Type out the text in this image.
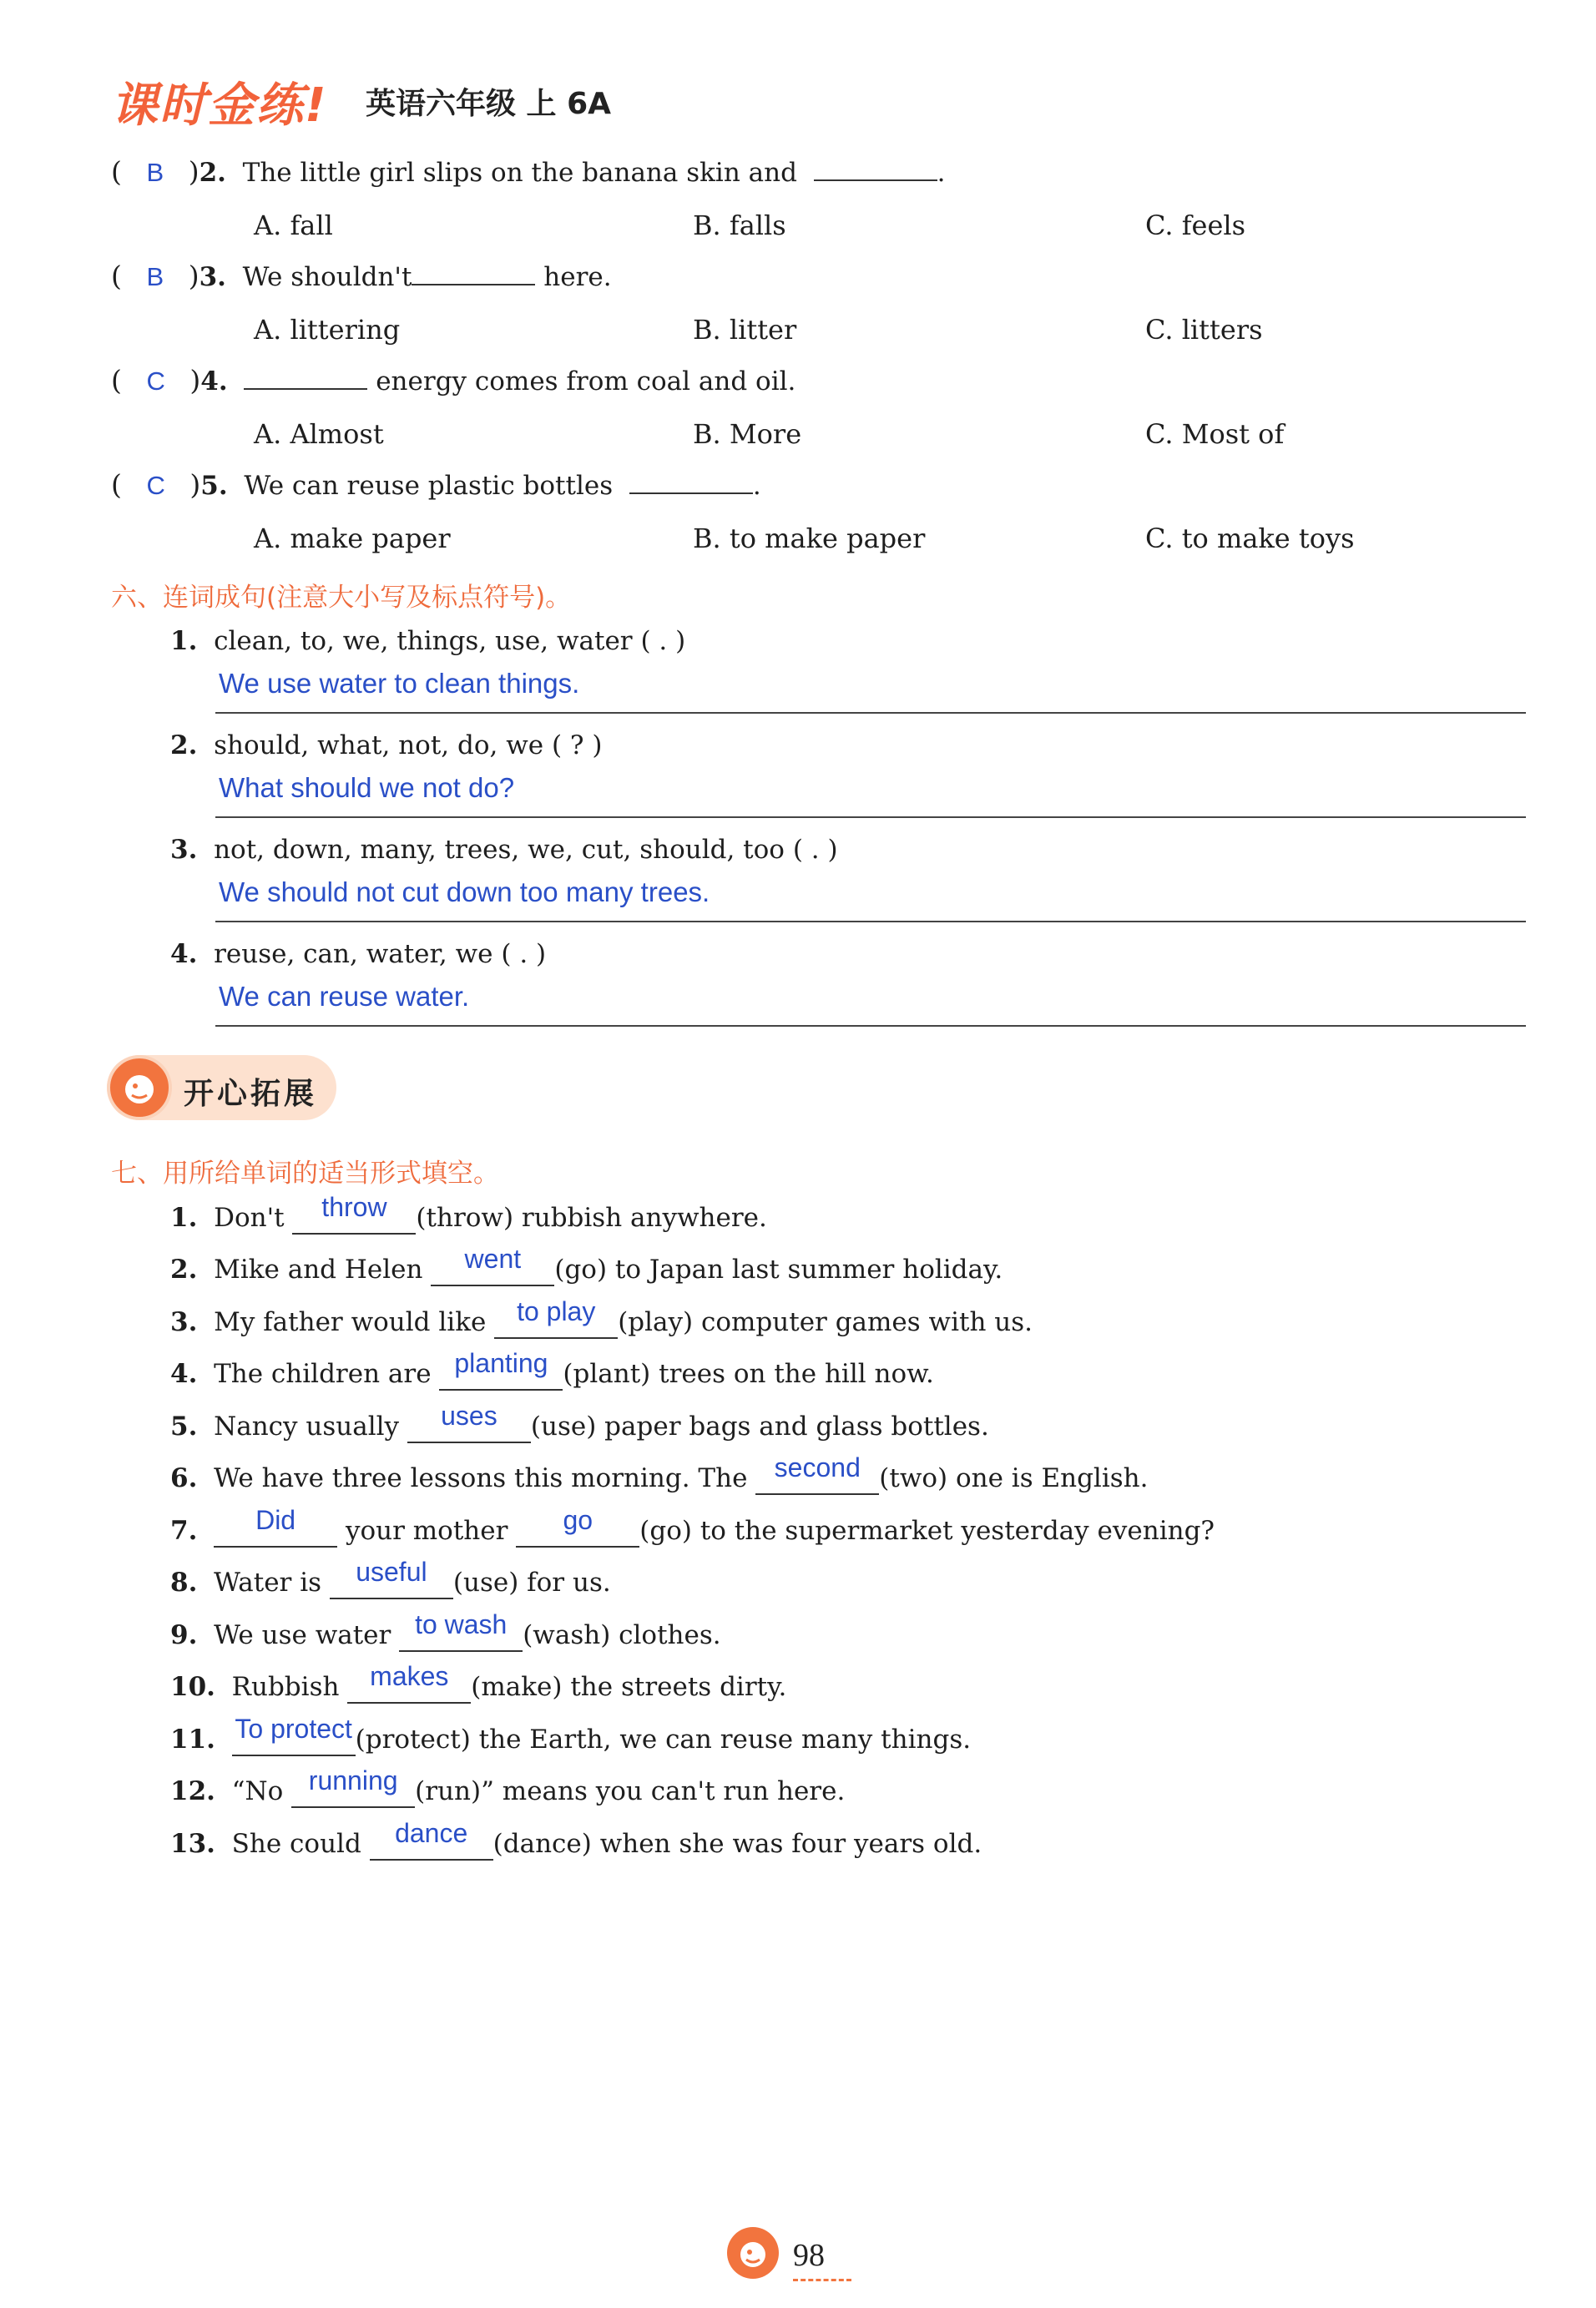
课时金练! 英语六年级 上 6A
( B )2. The little girl slips on the banana skin and	.
A. fall	B. falls	C. feels
( B )3. We shouldn't	here.
A. littering	B. litter	C. litters
( C )4.	energy comes from coal and oil.
A. Almost	B. More	C. Most of
( C )5. We can reuse plastic bottles	.
A. make paper	B. to make paper	C. to make toys
六、连词成句(注意大小写及标点符号)。
1. clean, to, we, things, use, water ( . )
We use water to clean things.
2. should, what, not, do, we ( ? )
What should we not do?
3. not, down, many, trees, we, cut, should, too ( . )
We should not cut down too many trees.
4. reuse, can, water, we ( . )
We can reuse water.
开心拓展
七、用所给单词的适当形式填空。
1. Don't throw (throw) rubbish anywhere.
2. Mike and Helen went (go) to Japan last summer holiday.
3. My father would like to play (play) computer games with us.
4. The children are planting (plant) trees on the hill now.
5. Nancy usually uses (use) paper bags and glass bottles.
6. We have three lessons this morning. The second (two) one is English.
7. Did your mother go (go) to the supermarket yesterday evening?
8. Water is useful (use) for us.
9. We use water to wash (wash) clothes.
10. Rubbish makes (make) the streets dirty.
11. To protect (protect) the Earth, we can reuse many things.
12. “No running (run)” means you can't run here.
13. She could dance (dance) when she was four years old.
98
